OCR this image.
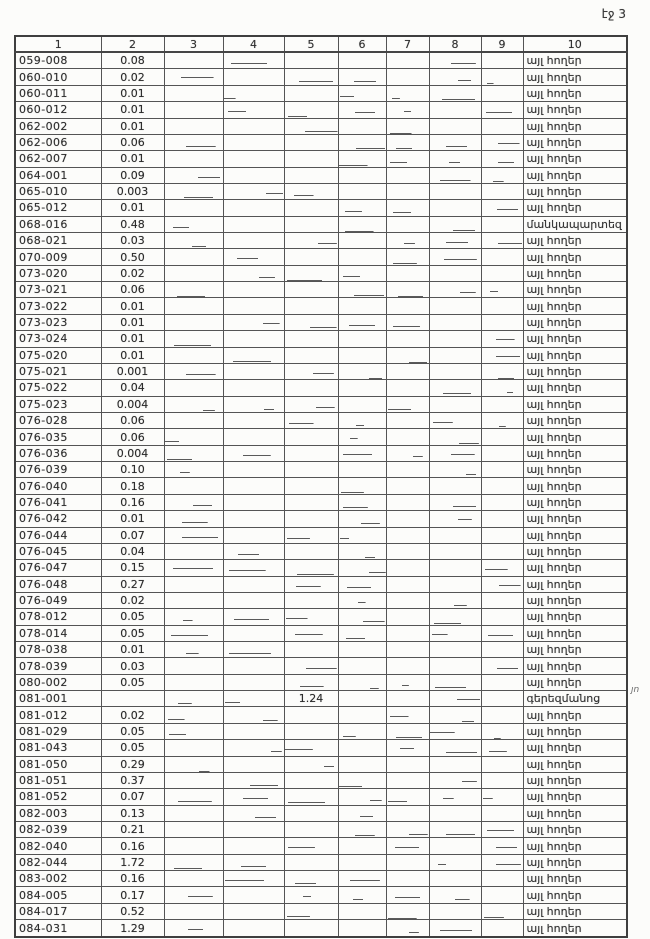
էջ 3
յո
1	2	3	4	5	6	7	8	9	10
059-008	0.08								այլ հողեր
060-010	0.02								այլ հողեր
060-011	0.01								այլ հողեր
060-012	0.01								այլ հողեր
062-002	0.01								այլ հողեր
062-006	0.06								այլ հողեր
062-007	0.01								այլ հողեր
064-001	0.09								այլ հողեր
065-010	0.003								այլ հողեր
065-012	0.01								այլ հողեր
068-016	0.48								մանկապարտեզ
068-021	0.03								այլ հողեր
070-009	0.50								այլ հողեր
073-020	0.02								այլ հողեր
073-021	0.06								այլ հողեր
073-022	0.01								այլ հողեր
073-023	0.01								այլ հողեր
073-024	0.01								այլ հողեր
075-020	0.01								այլ հողեր
075-021	0.001								այլ հողեր
075-022	0.04								այլ հողեր
075-023	0.004								այլ հողեր
076-028	0.06								այլ հողեր
076-035	0.06								այլ հողեր
076-036	0.004								այլ հողեր
076-039	0.10								այլ հողեր
076-040	0.18								այլ հողեր
076-041	0.16								այլ հողեր
076-042	0.01								այլ հողեր
076-044	0.07								այլ հողեր
076-045	0.04								այլ հողեր
076-047	0.15								այլ հողեր
076-048	0.27								այլ հողեր
076-049	0.02								այլ հողեր
078-012	0.05								այլ հողեր
078-014	0.05								այլ հողեր
078-038	0.01								այլ հողեր
078-039	0.03								այլ հողեր
080-002	0.05								այլ հողեր
081-001				1.24					գերեզմանոց
081-012	0.02								այլ հողեր
081-029	0.05								այլ հողեր
081-043	0.05								այլ հողեր
081-050	0.29								այլ հողեր
081-051	0.37								այլ հողեր
081-052	0.07								այլ հողեր
082-003	0.13								այլ հողեր
082-039	0.21								այլ հողեր
082-040	0.16								այլ հողեր
082-044	1.72								այլ հողեր
083-002	0.16								այլ հողեր
084-005	0.17								այլ հողեր
084-017	0.52								այլ հողեր
084-031	1.29								այլ հողեր
